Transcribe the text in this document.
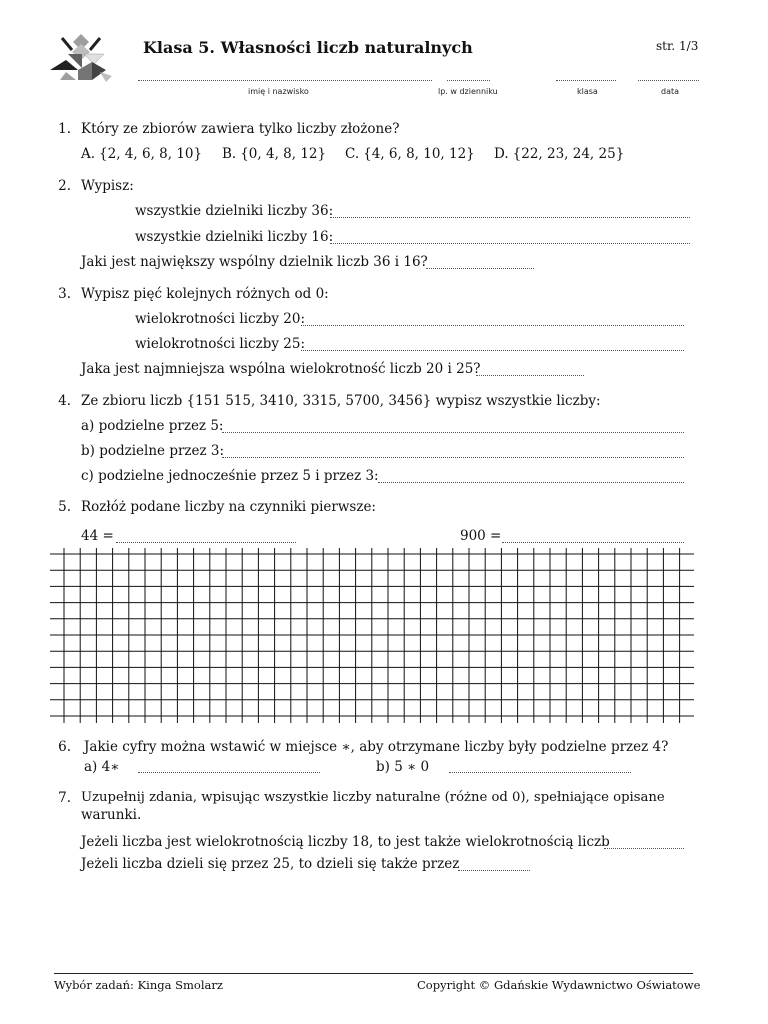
Klasa 5. Własności liczb naturalnych	str. 1/3
imię i nazwisko	lp. w dzienniku	klasa	data
1. Który ze zbiorów zawiera tylko liczby złożone?
A. {2, 4, 6, 8, 10} B. {0, 4, 8, 12} C. {4, 6, 8, 10, 12} D. {22, 23, 24, 25}
2. Wypisz:
wszystkie dzielniki liczby 36:
wszystkie dzielniki liczby 16:
Jaki jest największy wspólny dzielnik liczb 36 i 16?
3. Wypisz pięć kolejnych różnych od 0:
wielokrotności liczby 20:
wielokrotności liczby 25:
Jaka jest najmniejsza wspólna wielokrotność liczb 20 i 25?
4. Ze zbioru liczb {151 515, 3410, 3315, 5700, 3456} wypisz wszystkie liczby:
a) podzielne przez 5:
b) podzielne przez 3:
c) podzielne jednocześnie przez 5 i przez 3:
5. Rozłóż podane liczby na czynniki pierwsze:
44 =	900 =
6. Jakie cyfry można wstawić w miejsce ∗, aby otrzymane liczby były podzielne przez 4?
a) 4∗	b) 5 ∗ 0
7. Uzupełnij zdania, wpisując wszystkie liczby naturalne (różne od 0), spełniające opisane
warunki.
Jeżeli liczba jest wielokrotnością liczby 18, to jest także wielokrotnością liczb
Jeżeli liczba dzieli się przez 25, to dzieli się także przez
Wybór zadań: Kinga Smolarz	Copyright © Gdańskie Wydawnictwo Oświatowe
